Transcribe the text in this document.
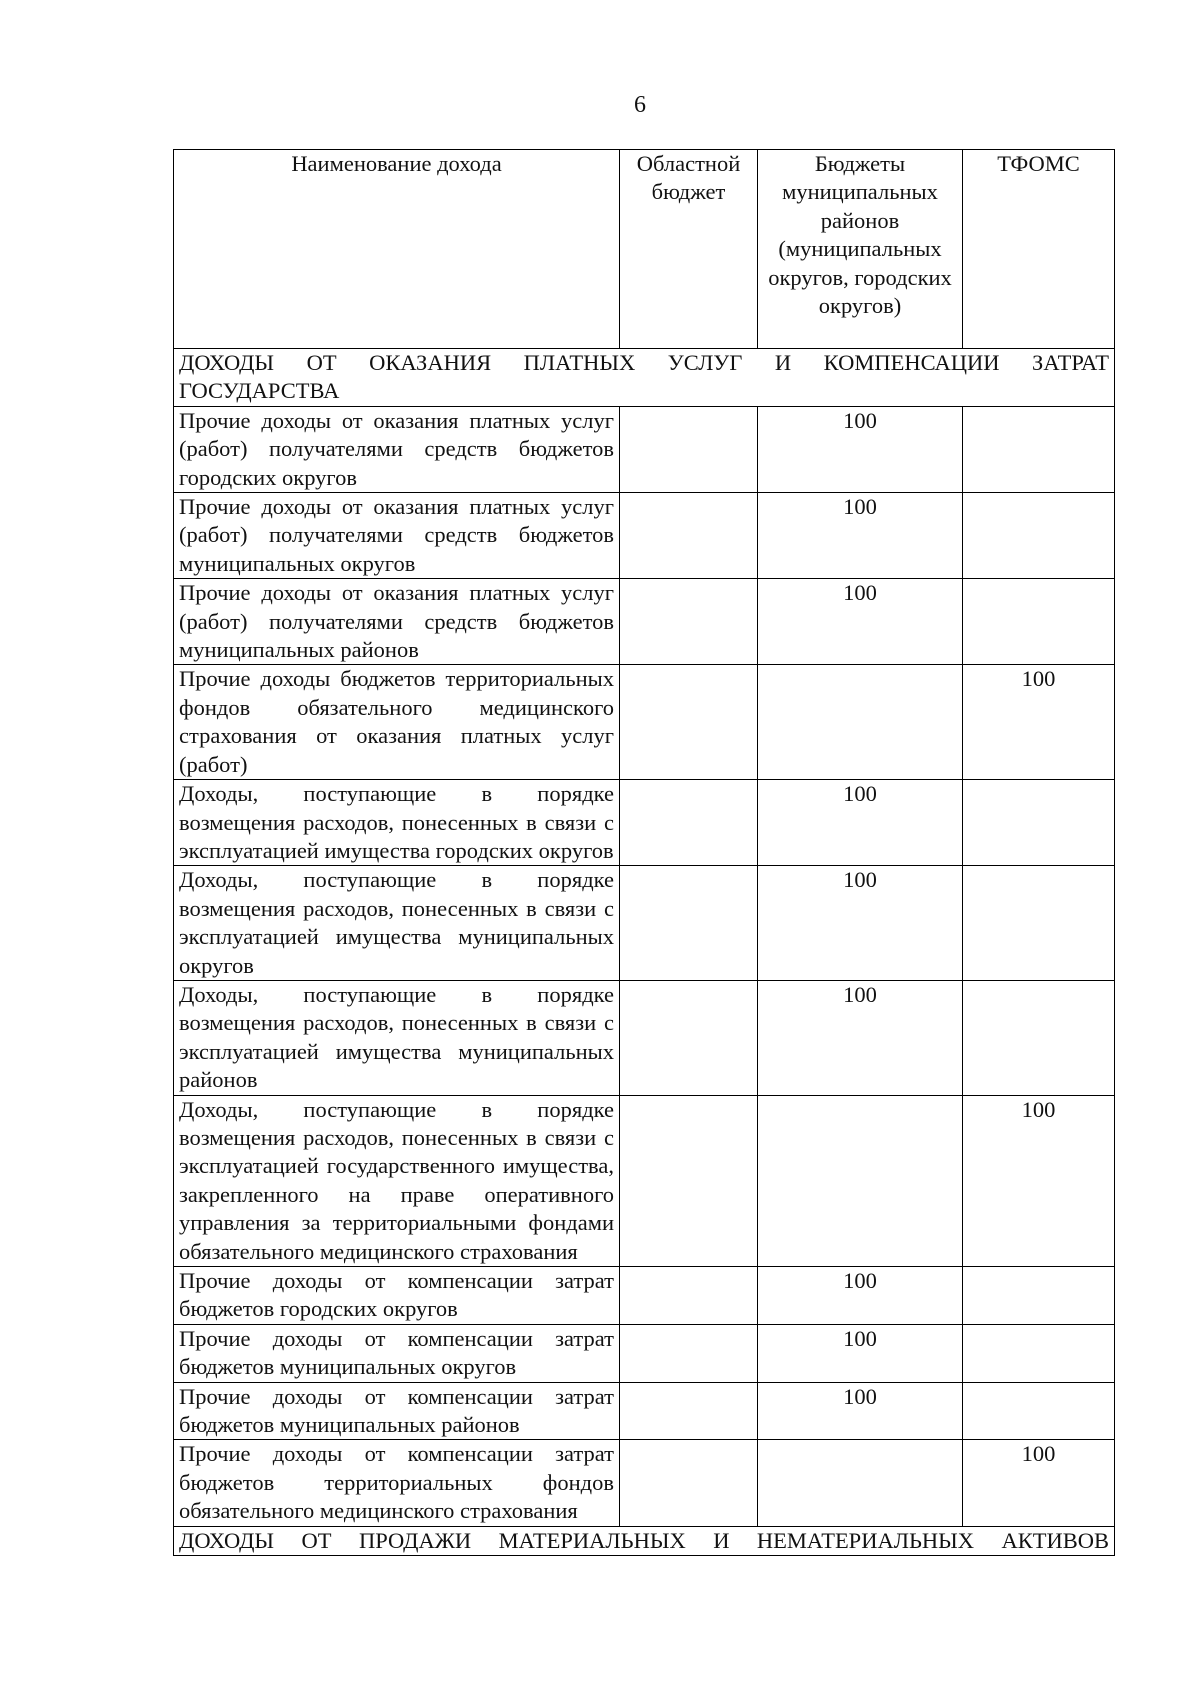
6
Наименование дохода	Областной бюджет	Бюджеты муниципальных районов (муниципальных округов, городских округов)	ТФОМС

ДОХОДЫ ОТ ОКАЗАНИЯ ПЛАТНЫХ УСЛУГ И КОМПЕНСАЦИИ ЗАТРАТ
ГОСУДАРСТВА			
Прочие доходы от оказания платных услуг (работ) получателями средств бюджетов городских округов		100	
Прочие доходы от оказания платных услуг (работ) получателями средств бюджетов муниципальных округов		100	
Прочие доходы от оказания платных услуг (работ) получателями средств бюджетов муниципальных районов		100	
Прочие доходы бюджетов территориальных фондов обязательного медицинского страхования от оказания платных услуг (работ)			100
Доходы, поступающие в порядке возмещения расходов, понесенных в связи с эксплуатацией имущества городских округов		100	
Доходы, поступающие в порядке возмещения расходов, понесенных в связи с эксплуатацией имущества муниципальных округов		100	
Доходы, поступающие в порядке возмещения расходов, понесенных в связи с эксплуатацией имущества муниципальных районов		100	
Доходы, поступающие в порядке возмещения расходов, понесенных в связи с эксплуатацией государственного имущества, закрепленного на праве оперативного управления за территориальными фондами обязательного медицинского страхования			100
Прочие доходы от компенсации затрат бюджетов городских округов		100	
Прочие доходы от компенсации затрат бюджетов муниципальных округов		100	
Прочие доходы от компенсации затрат бюджетов муниципальных районов		100	
Прочие доходы от компенсации затрат бюджетов территориальных фондов обязательного медицинского страхования			100
ДОХОДЫ ОТ ПРОДАЖИ МАТЕРИАЛЬНЫХ И НЕМАТЕРИАЛЬНЫХ АКТИВОВ			
